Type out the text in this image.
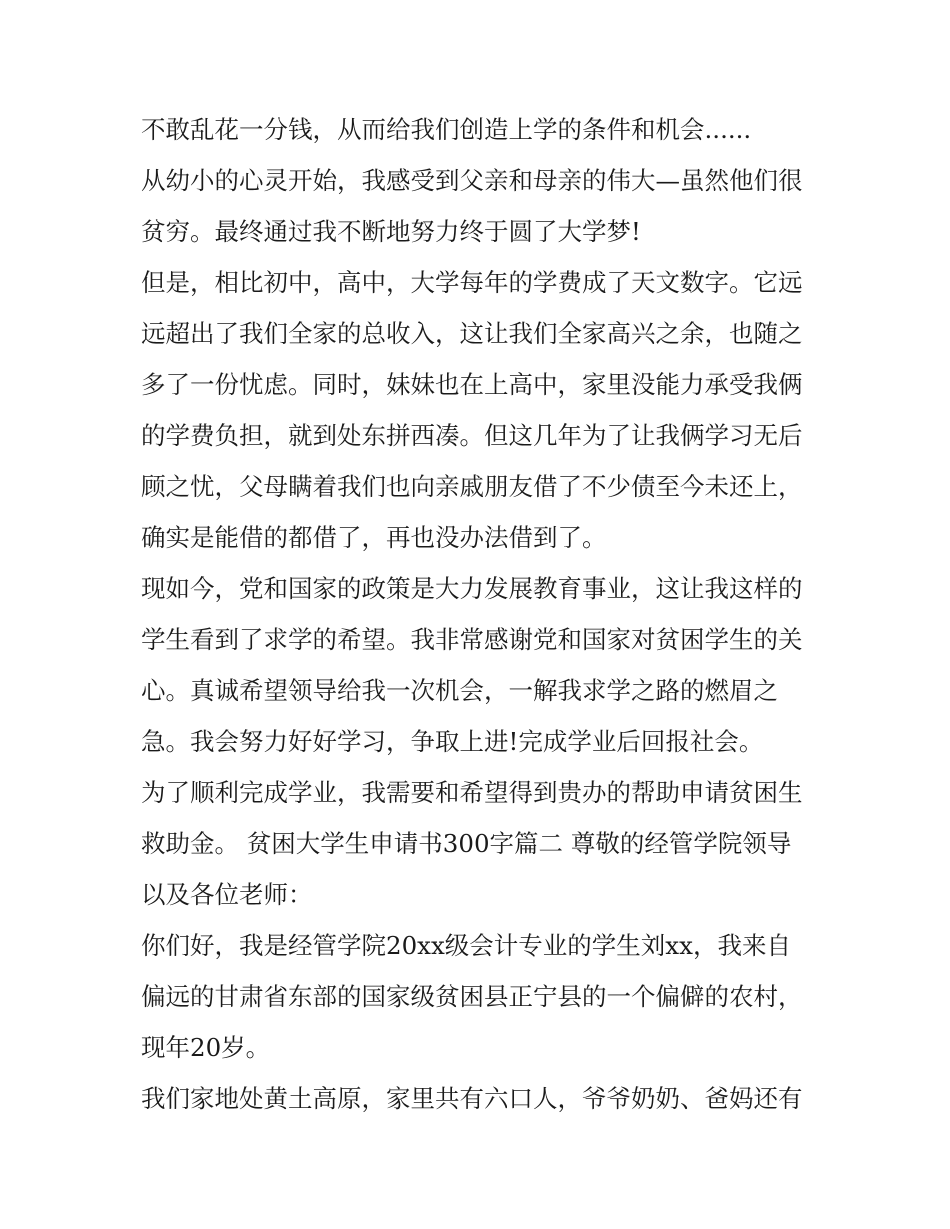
不敢乱花一分钱，从而给我们创造上学的条件和机会......
从幼小的心灵开始，我感受到父亲和母亲的伟大—虽然他们很
贫穷。最终通过我不断地努力终于圆了大学梦!
但是，相比初中，高中，大学每年的学费成了天文数字。它远
远超出了我们全家的总收入，这让我们全家高兴之余，也随之
多了一份忧虑。同时，妹妹也在上高中，家里没能力承受我俩
的学费负担，就到处东拼西凑。但这几年为了让我俩学习无后
顾之忧，父母瞒着我们也向亲戚朋友借了不少债至今未还上，
确实是能借的都借了，再也没办法借到了。
现如今，党和国家的政策是大力发展教育事业，这让我这样的
学生看到了求学的希望。我非常感谢党和国家对贫困学生的关
心。真诚希望领导给我一次机会，一解我求学之路的燃眉之
急。我会努力好好学习，争取上进!完成学业后回报社会。
为了顺利完成学业，我需要和希望得到贵办的帮助申请贫困生
救助金。 贫困大学生申请书300字篇二 尊敬的经管学院领导
以及各位老师：
你们好，我是经管学院20xx级会计专业的学生刘xx，我来自
偏远的甘肃省东部的国家级贫困县正宁县的一个偏僻的农村，
现年20岁。
我们家地处黄土高原，家里共有六口人，爷爷奶奶、爸妈还有
